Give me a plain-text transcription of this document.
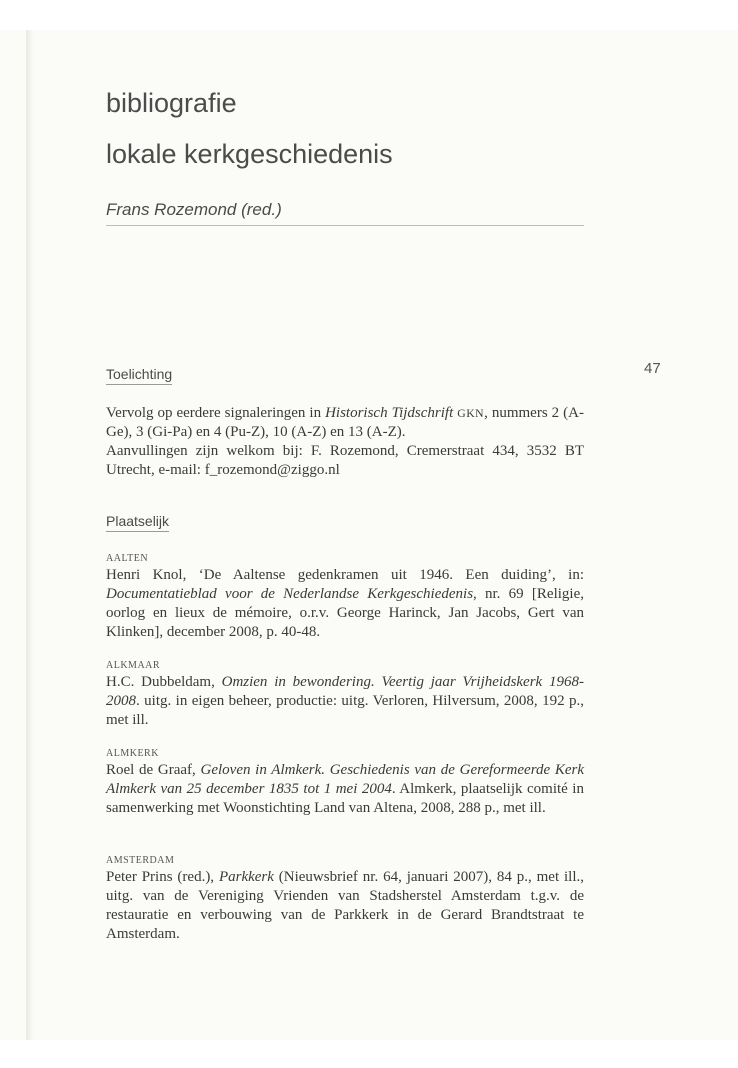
bibliografie
lokale kerkgeschiedenis
Frans Rozemond (red.)
47
Toelichting

Vervolg op eerdere signaleringen in Historisch Tijdschrift GKN, nummers 2 (A-Ge), 3 (Gi-Pa) en 4 (Pu-Z), 10 (A-Z) en 13 (A-Z).
Aanvullingen zijn welkom bij: F. Rozemond, Cremerstraat 434, 3532 BT Utrecht, e-mail: f_rozemond@ziggo.nl

Plaatselijk
AALTEN

Henri Knol, ‘De Aaltense gedenkramen uit 1946. Een duiding’, in: Documentatieblad voor de Nederlandse Kerkgeschiedenis, nr. 69 [Religie, oorlog en lieux de mémoire, o.r.v. George Harinck, Jan Jacobs, Gert van Klinken], december 2008, p. 40-48.

ALKMAAR

H.C. Dubbeldam, Omzien in bewondering. Veertig jaar Vrijheidskerk 1968-2008. uitg. in eigen beheer, productie: uitg. Verloren, Hilversum, 2008, 192 p., met ill.

ALMKERK

Roel de Graaf, Geloven in Almkerk. Geschiedenis van de Gereformeerde Kerk Almkerk van 25 december 1835 tot 1 mei 2004. Almkerk, plaatselijk comité in samenwerking met Woonstichting Land van Altena, 2008, 288 p., met ill.

AMSTERDAM

Peter Prins (red.), Parkkerk (Nieuwsbrief nr. 64, januari 2007), 84 p., met ill., uitg. van de Vereniging Vrienden van Stadsherstel Amsterdam t.g.v. de restauratie en verbouwing van de Parkkerk in de Gerard Brandtstraat te Amsterdam.
